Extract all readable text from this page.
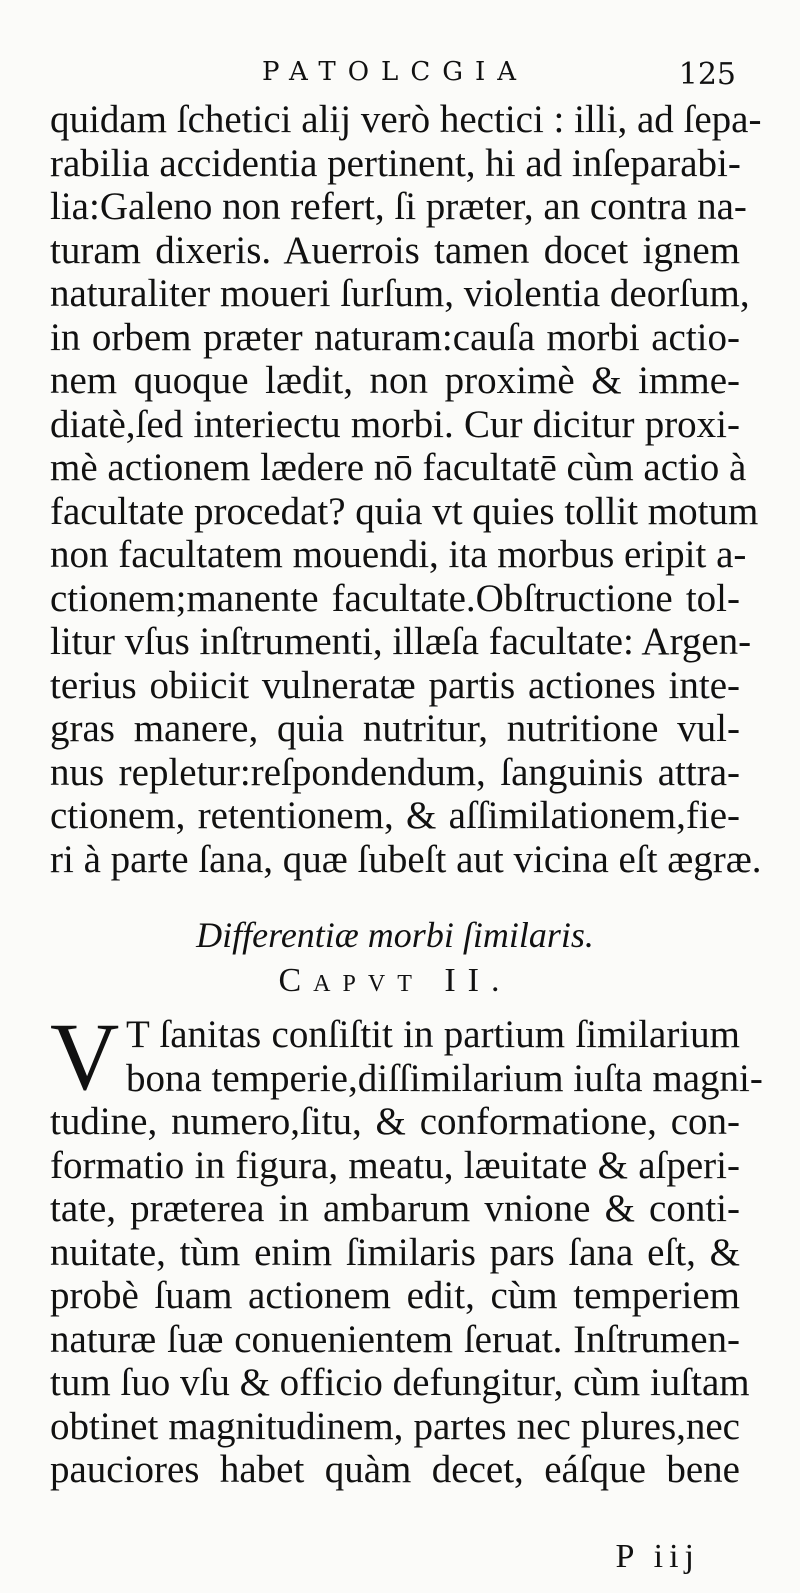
PATOLCGIA	125
quidam ſchetici alij verò hectici : illi, ad ſepa-
rabilia accidentia pertinent, hi ad inſeparabi-
lia:Galeno non refert, ſi præter, an contra na-
turam dixeris. Auerrois tamen docet ignem
naturaliter moueri ſurſum, violentia deorſum,
in orbem præter naturam:cauſa morbi actio-
nem quoque lædit, non proximè & imme-
diatè,ſed interiectu morbi. Cur dicitur proxi-
mè actionem lædere nō facultatē cùm actio à
facultate procedat? quia vt quies tollit motum
non facultatem mouendi, ita morbus eripit a-
ctionem;manente facultate.Obſtructione tol-
litur vſus inſtrumenti, illæſa facultate: Argen-
terius obiicit vulneratæ partis actiones inte-
gras manere, quia nutritur, nutritione vul-
nus repletur:reſpondendum, ſanguinis attra-
ctionem, retentionem, & aſſimilationem,fie-
ri à parte ſana, quæ ſubeſt aut vicina eſt ægræ.
Differentiæ morbi ſimilaris.
Capvt II.
V T ſanitas conſiſtit in partium ſimilarium
bona temperie,diſſimilarium iuſta magni-
tudine, numero,ſitu, & conformatione, con-
formatio in figura, meatu, læuitate & aſperi-
tate, præterea in ambarum vnione & conti-
nuitate, tùm enim ſimilaris pars ſana eſt, &
probè ſuam actionem edit, cùm temperiem
naturæ ſuæ conuenientem ſeruat. Inſtrumen-
tum ſuo vſu & officio defungitur, cùm iuſtam
obtinet magnitudinem, partes nec plures,nec
pauciores habet quàm decet, eáſque bene
P iij
